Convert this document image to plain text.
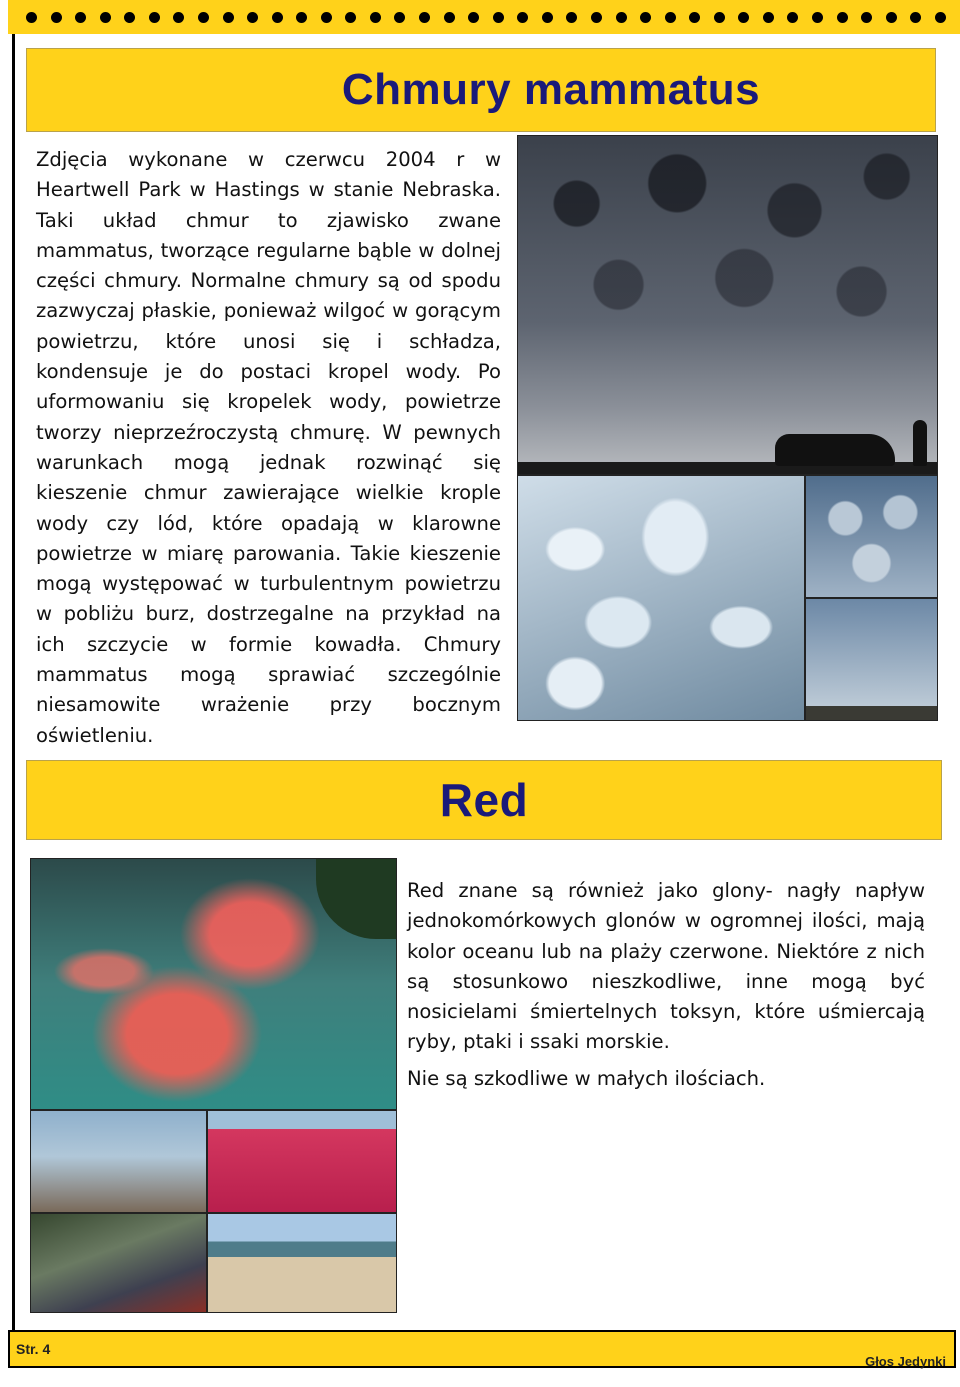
Chmury mammatus

Zdjęcia wykonane w czerwcu 2004 r w Heartwell Park w Hastings w stanie Nebraska. Taki układ chmur to zjawisko zwane mammatus, tworzące regularne bąble w dolnej części chmury. Normalne chmury są od spodu zazwyczaj płaskie, ponieważ wilgoć w gorącym powietrzu, które unosi się i schładza, kondensuje je do postaci kropel wody. Po uformowaniu się kropelek wody, powietrze tworzy nieprzeźroczystą chmurę. W pewnych warunkach mogą jednak rozwinąć się kieszenie chmur zawierające wielkie krople wody czy lód, które opadają w klarowne powietrze w miarę parowania. Takie kieszenie mogą występować w turbulentnym powietrzu w pobliżu burz, dostrzegalne na przykład na ich szczycie w formie kowadła. Chmury mammatus mogą sprawiać szczególnie niesamowite wrażenie przy bocznym oświetleniu.

Red

Red znane są również jako glony- nagły napływ jednokomórkowych glonów w ogromnej ilości, mają kolor oceanu lub na plaży czerwone. Niektóre z nich są stosunkowo nieszkodliwe, inne mogą być nosicielami śmiertelnych toksyn, które uśmiercają ryby, ptaki i ssaki morskie.
Nie są szkodliwe w małych ilościach.

Str. 4
Głos Jedynki
